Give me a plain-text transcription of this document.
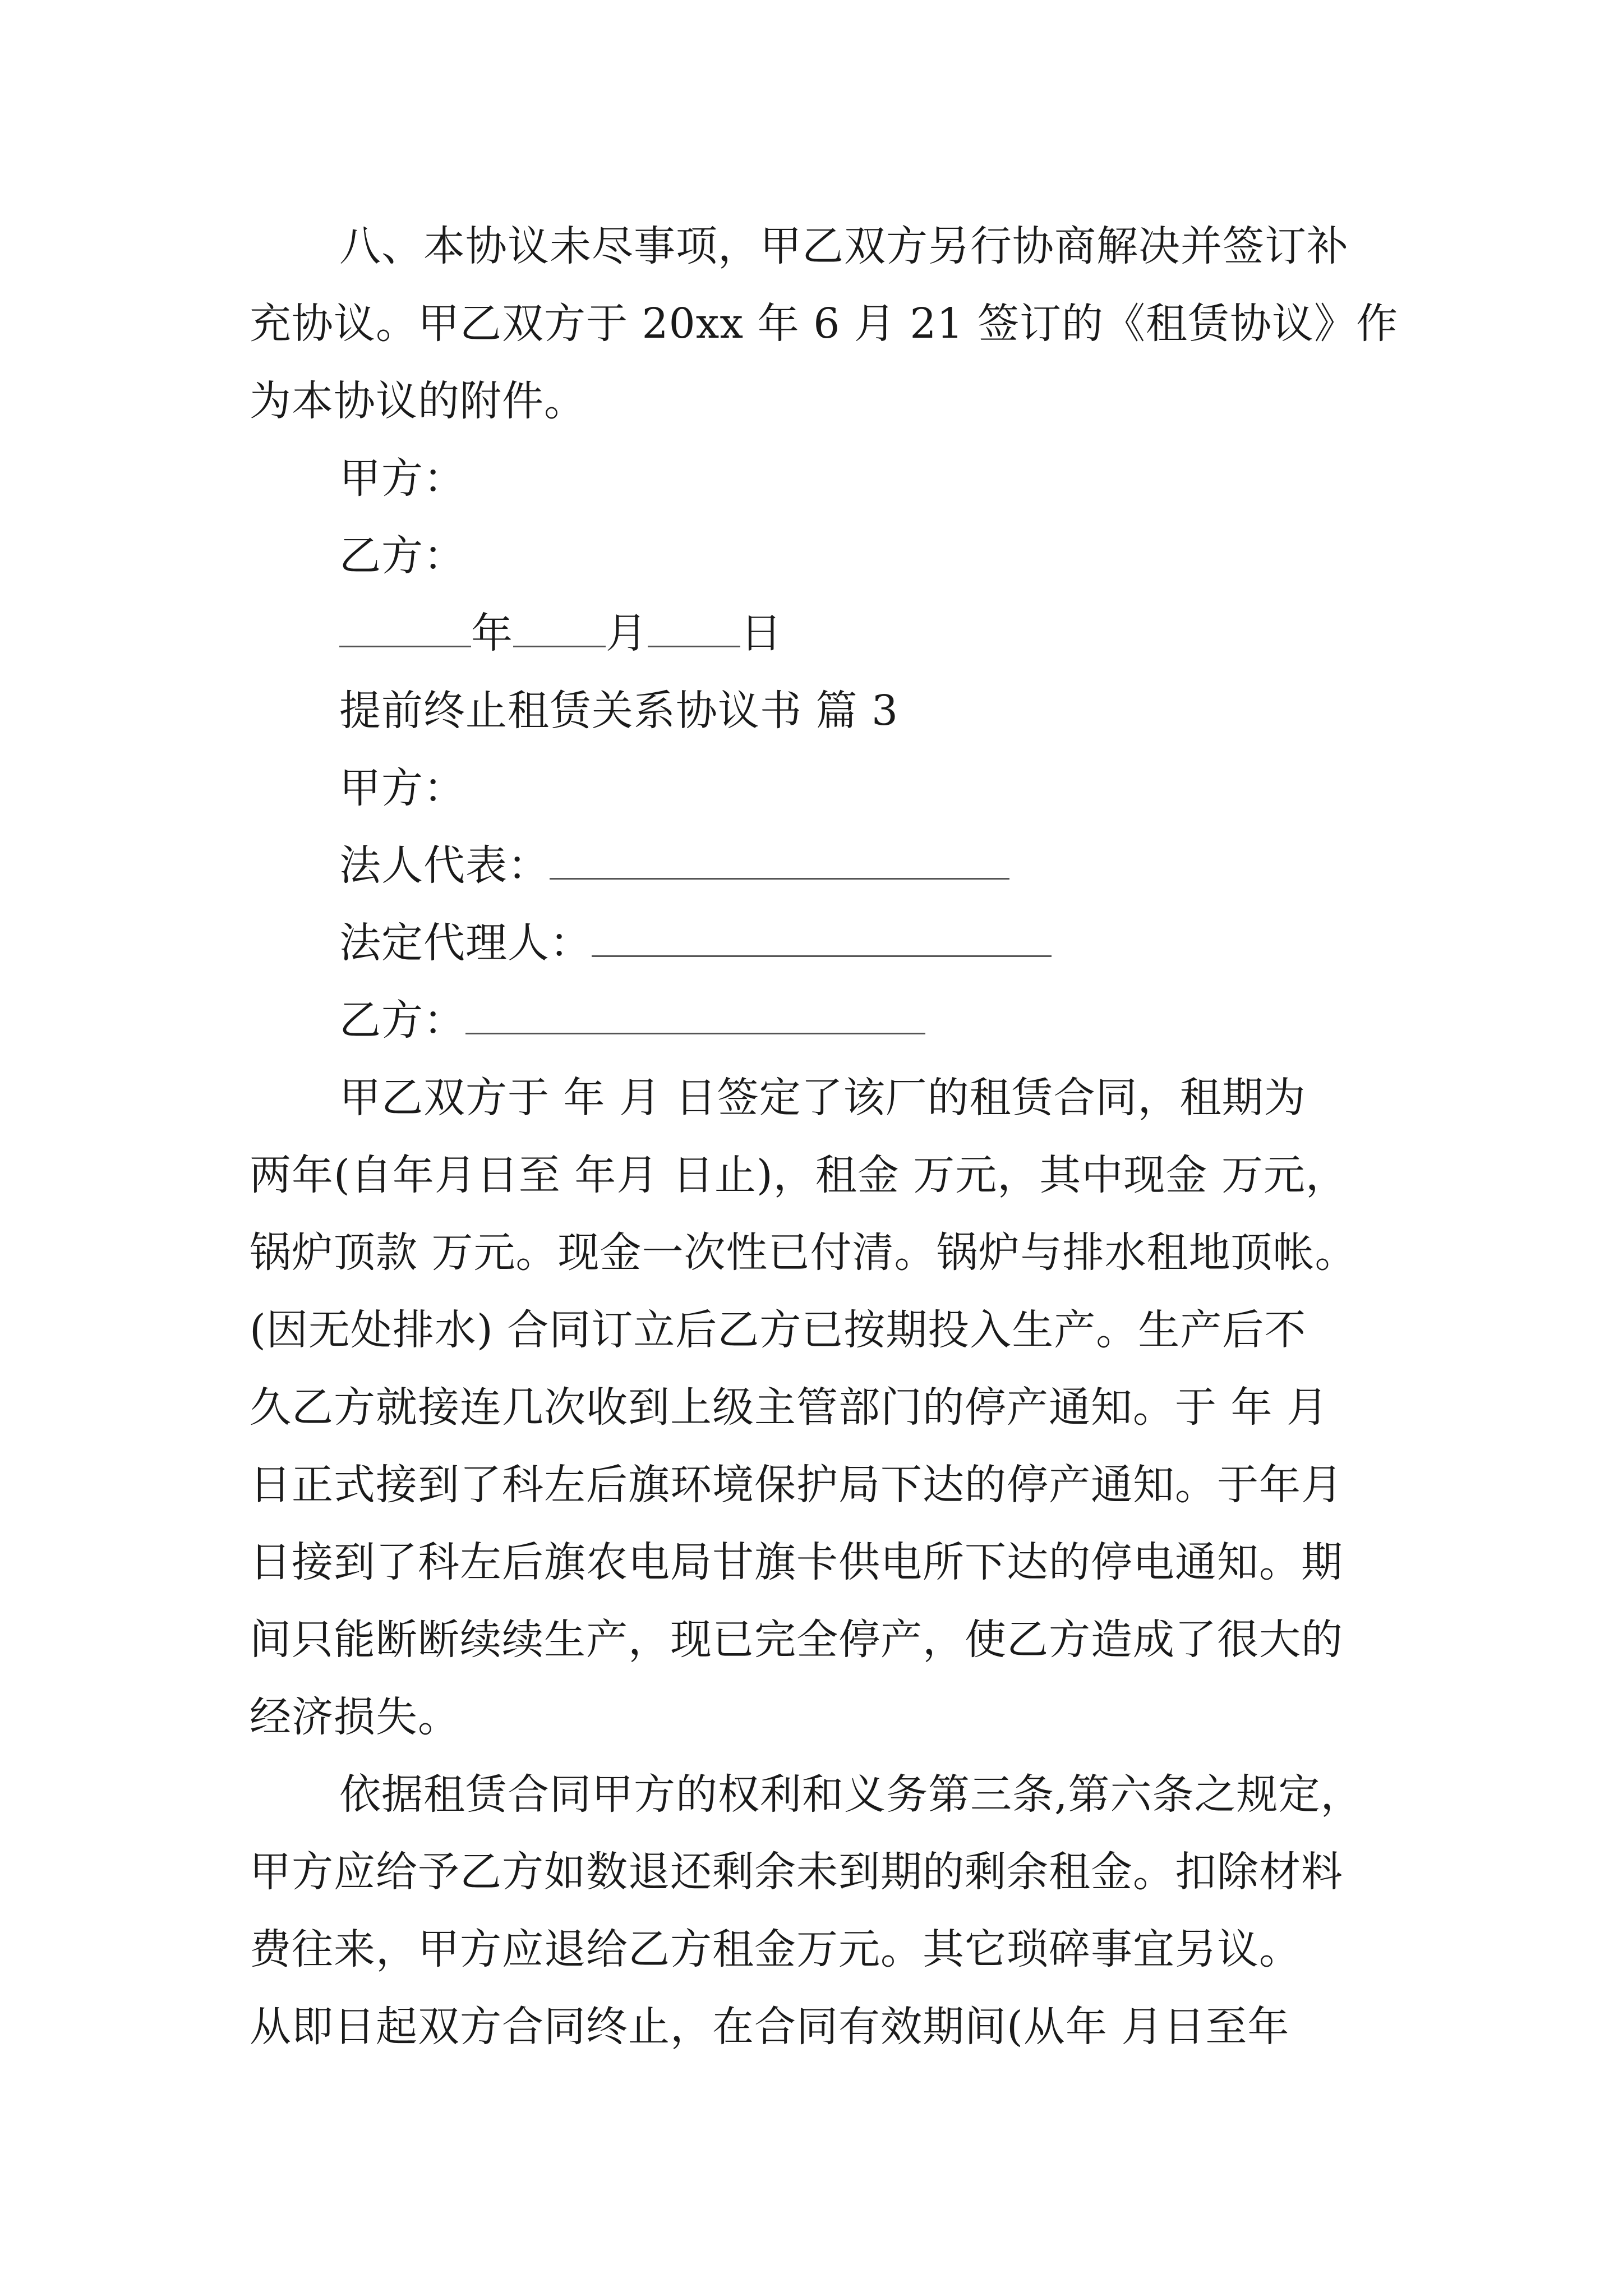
八、本协议未尽事项，甲乙双方另行协商解决并签订补
充协议。甲乙双方于 20xx 年 6 月 21 签订的《租赁协议》作
为本协议的附件。
甲方：
乙方：
年 月 日
提前终止租赁关系协议书 篇 3
甲方：
法人代表：
法定代理人：
乙方：
甲乙双方于 年 月 日签定了该厂的租赁合同，租期为
两年(自年月日至 年月 日止)，租金 万元，其中现金 万元，
锅炉顶款 万元。现金一次性已付清。锅炉与排水租地顶帐。
(因无处排水) 合同订立后乙方已按期投入生产。生产后不
久乙方就接连几次收到上级主管部门的停产通知。于 年 月
日正式接到了科左后旗环境保护局下达的停产通知。于年月
日接到了科左后旗农电局甘旗卡供电所下达的停电通知。期
间只能断断续续生产，现已完全停产，使乙方造成了很大的
经济损失。
依据租赁合同甲方的权利和义务第三条,第六条之规定，
甲方应给予乙方如数退还剩余未到期的剩余租金。扣除材料
费往来，甲方应退给乙方租金万元。其它琐碎事宜另议。
从即日起双方合同终止，在合同有效期间(从年 月日至年
